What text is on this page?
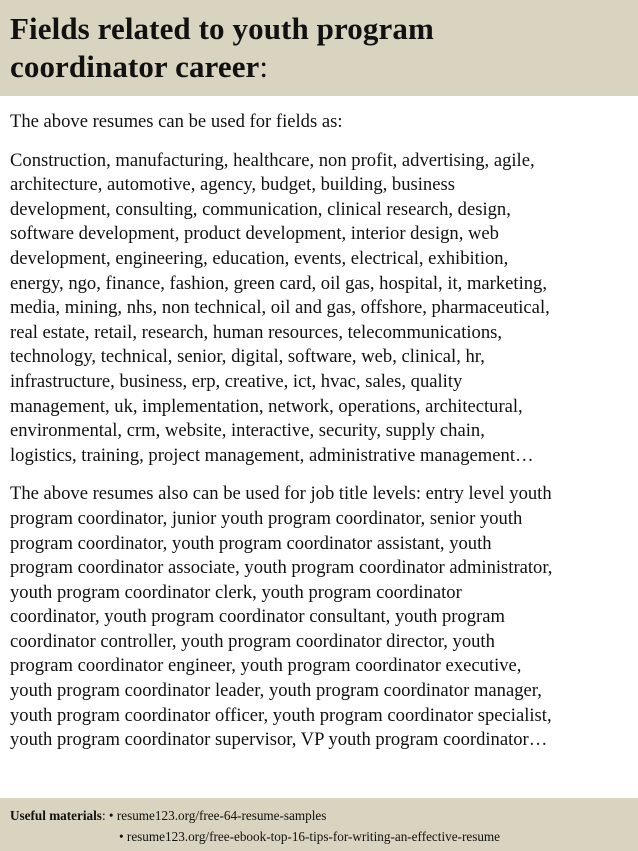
Fields related to youth program
coordinator career:

The above resumes can be used for fields as:

Construction, manufacturing, healthcare, non profit, advertising, agile,
architecture, automotive, agency, budget, building, business
development, consulting, communication, clinical research, design,
software development, product development, interior design, web
development, engineering, education, events, electrical, exhibition,
energy, ngo, finance, fashion, green card, oil gas, hospital, it, marketing,
media, mining, nhs, non technical, oil and gas, offshore, pharmaceutical,
real estate, retail, research, human resources, telecommunications,
technology, technical, senior, digital, software, web, clinical, hr,
infrastructure, business, erp, creative, ict, hvac, sales, quality
management, uk, implementation, network, operations, architectural,
environmental, crm, website, interactive, security, supply chain,
logistics, training, project management, administrative management…

The above resumes also can be used for job title levels: entry level youth
program coordinator, junior youth program coordinator, senior youth
program coordinator, youth program coordinator assistant, youth
program coordinator associate, youth program coordinator administrator,
youth program coordinator clerk, youth program coordinator
coordinator, youth program coordinator consultant, youth program
coordinator controller, youth program coordinator director, youth
program coordinator engineer, youth program coordinator executive,
youth program coordinator leader, youth program coordinator manager,
youth program coordinator officer, youth program coordinator specialist,
youth program coordinator supervisor, VP youth program coordinator…

Useful materials: • resume123.org/free-64-resume-samples
• resume123.org/free-ebook-top-16-tips-for-writing-an-effective-resume
